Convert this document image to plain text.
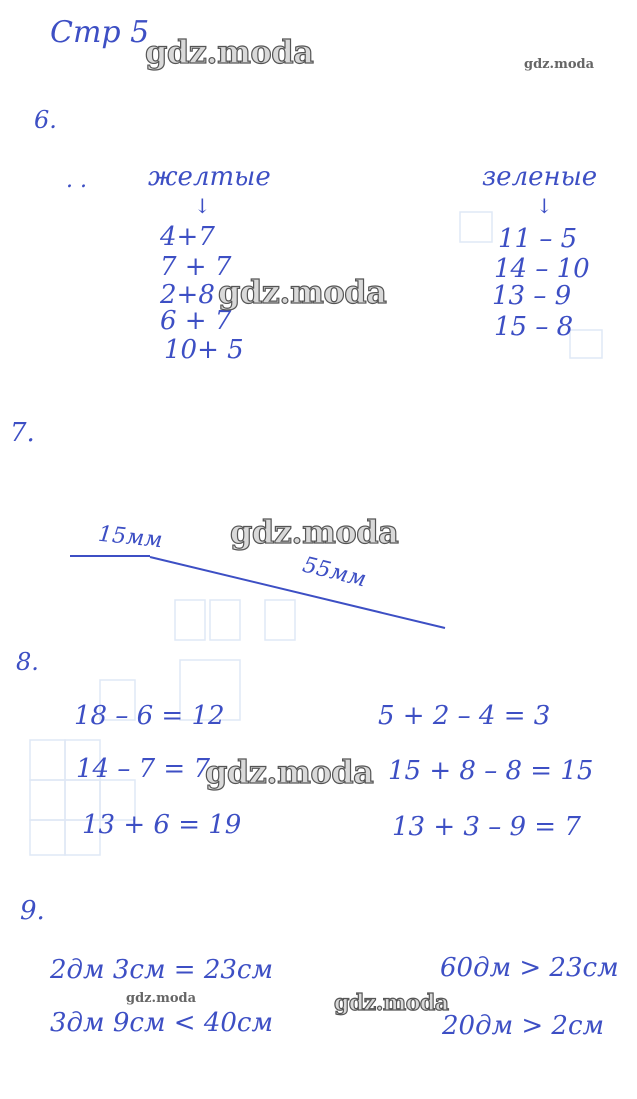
Стр 5
6.
. . желтые
↓
4+7
7 + 7
2+8
6 + 7
10+ 5
зеленые
↓
11 – 5
14 – 10
13 – 9
15 – 8
7.
15мм
55мм
8.
18 – 6 = 12
14 – 7 = 7
13 + 6 = 19
5 + 2 – 4 = 3
15 + 8 – 8 = 15
13 + 3 – 9 = 7
9.
2дм 3см = 23см
3дм 9см < 40см
60дм > 23см
20дм > 2см
gdz.moda	gdz.moda
gdz.moda
gdz.moda
gdz.moda
gdz.moda	gdz.moda
